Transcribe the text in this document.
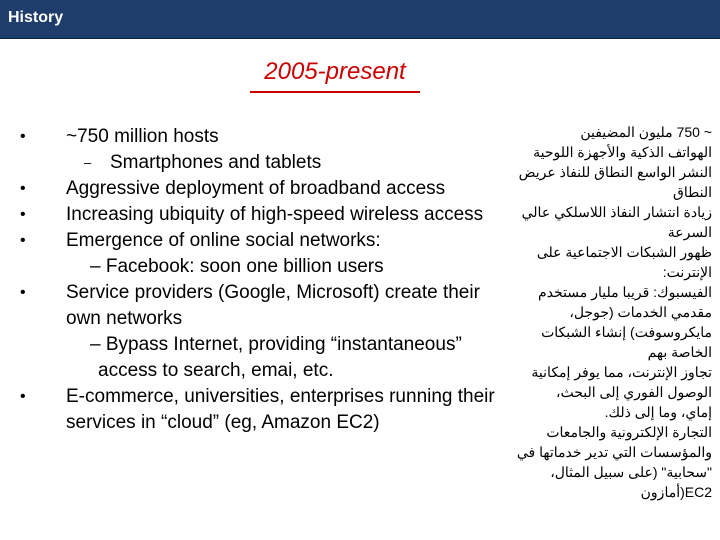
History
2005-present
• ~750 million hosts
– Smartphones and tablets
• Aggressive deployment of broadband access
• Increasing ubiquity of high-speed wireless access
• Emergence of online social networks:
– Facebook: soon one billion users
• Service providers (Google, Microsoft) create their
own networks
– Bypass Internet, providing “instantaneous”
access to search, emai, etc.
• E-commerce, universities, enterprises running their
services in “cloud” (eg, Amazon EC2)
~ 750 مليون المضيفين
الهواتف الذكية والأجهزة اللوحية
النشر الواسع النطاق للنفاذ عريض
النطاق
زيادة انتشار النفاذ اللاسلكي عالي
السرعة
ظهور الشبكات الاجتماعية على
الإنترنت:
الفيسبوك: قريبا مليار مستخدم
مقدمي الخدمات (جوجل،
مايكروسوفت) إنشاء الشبكات
الخاصة بهم
تجاوز الإنترنت، مما يوفر إمكانية
الوصول الفوري إلى البحث،
إماي، وما إلى ذلك.
التجارة الإلكترونية والجامعات
والمؤسسات التي تدير خدماتها في
"سحابية" (على سبيل المثال،
EC2(أمازون
